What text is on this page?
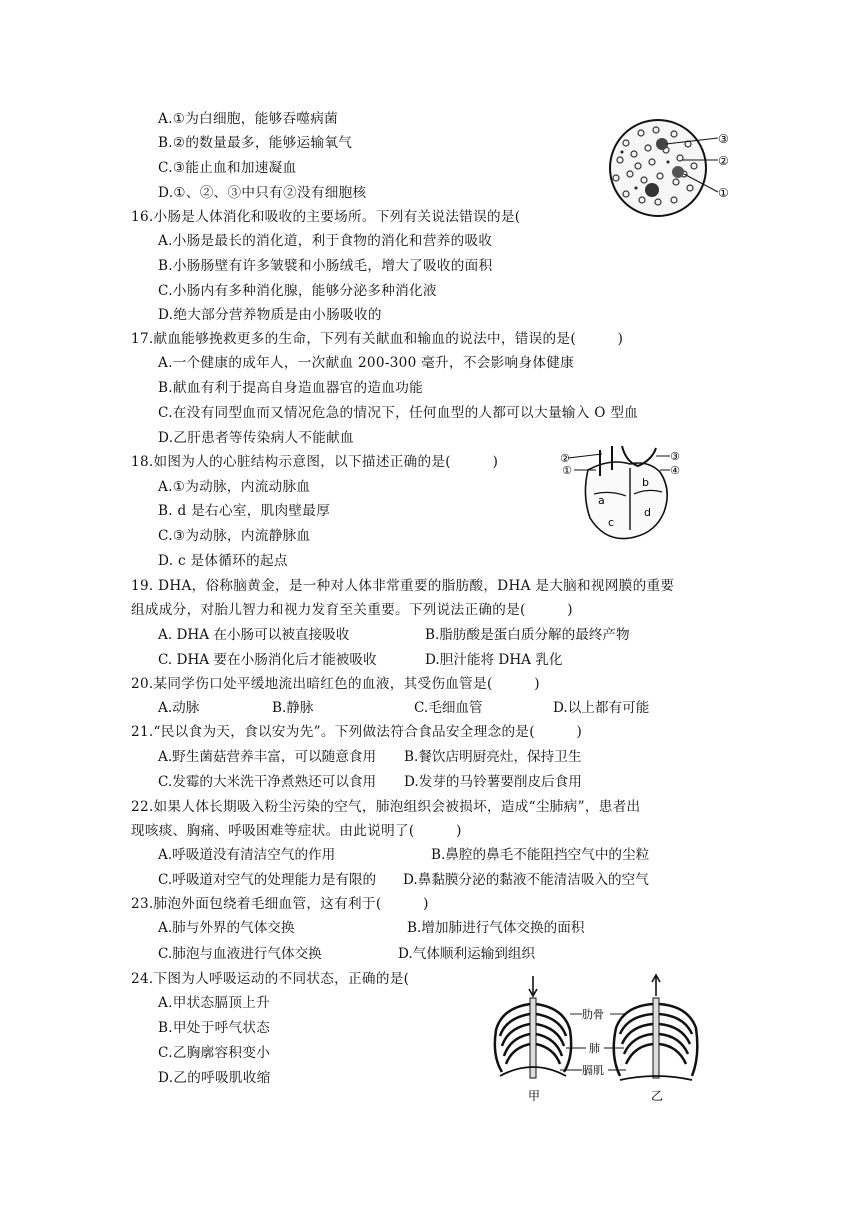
A.①为白细胞，能够吞噬病菌
B.②的数量最多，能够运输氧气
C.③能止血和加速凝血
D.①、②、③中只有②没有细胞核
③
②
①
16.小肠是人体消化和吸收的主要场所。下列有关说法错误的是(
A.小肠是最长的消化道，利于食物的消化和营养的吸收
B.小肠肠壁有许多皱襞和小肠绒毛，增大了吸收的面积
C.小肠内有多种消化腺，能够分泌多种消化液
D.绝大部分营养物质是由小肠吸收的
17.献血能够挽救更多的生命，下列有关献血和输血的说法中，错误的是(　　　)
A.一个健康的成年人，一次献血 200-300 毫升，不会影响身体健康
B.献血有利于提高自身造血器官的造血功能
C.在没有同型血而又情况危急的情况下，任何血型的人都可以大量输入 O 型血
D.乙肝患者等传染病人不能献血
18.如图为人的心脏结构示意图，以下描述正确的是(　　　)
A.①为动脉，内流动脉血
B. d 是右心室，肌肉壁最厚
C.③为动脉，内流静脉血
D. c 是体循环的起点
②
①
③
④
a
b
c
d
19. DHA，俗称脑黄金，是一种对人体非常重要的脂肪酸，DHA 是大脑和视网膜的重要
组成成分，对胎儿智力和视力发育至关重要。下列说法正确的是(　　　)
A. DHA 在小肠可以被直接吸收	B.脂肪酸是蛋白质分解的最终产物
C. DHA 要在小肠消化后才能被吸收	D.胆汁能将 DHA 乳化
20.某同学伤口处平缓地流出暗红色的血液，其受伤血管是(　　　)
A.动脉	B.静脉	C.毛细血管	D.以上都有可能
21.“民以食为天，食以安为先”。下列做法符合食品安全理念的是(　　　)
A.野生菌菇营养丰富，可以随意食用 B.餐饮店明厨亮灶，保持卫生
C.发霉的大米洗干净煮熟还可以食用 D.发芽的马铃薯要削皮后食用
22.如果人体长期吸入粉尘污染的空气，肺泡组织会被损坏，造成“尘肺病”，患者出
现咳痰、胸痛、呼吸困难等症状。由此说明了(　　　)
A.呼吸道没有清洁空气的作用	B.鼻腔的鼻毛不能阻挡空气中的尘粒
C.呼吸道对空气的处理能力是有限的 D.鼻黏膜分泌的黏液不能清洁吸入的空气
23.肺泡外面包绕着毛细血管，这有利于(　　　)
A.肺与外界的气体交换	B.增加肺进行气体交换的面积
C.肺泡与血液进行气体交换	D.气体顺利运输到组织
24.下图为人呼吸运动的不同状态，正确的是(
A.甲状态膈顶上升
B.甲处于呼气状态
C.乙胸廓容积变小
D.乙的呼吸肌收缩
肋骨
肺
膈肌
甲	乙
